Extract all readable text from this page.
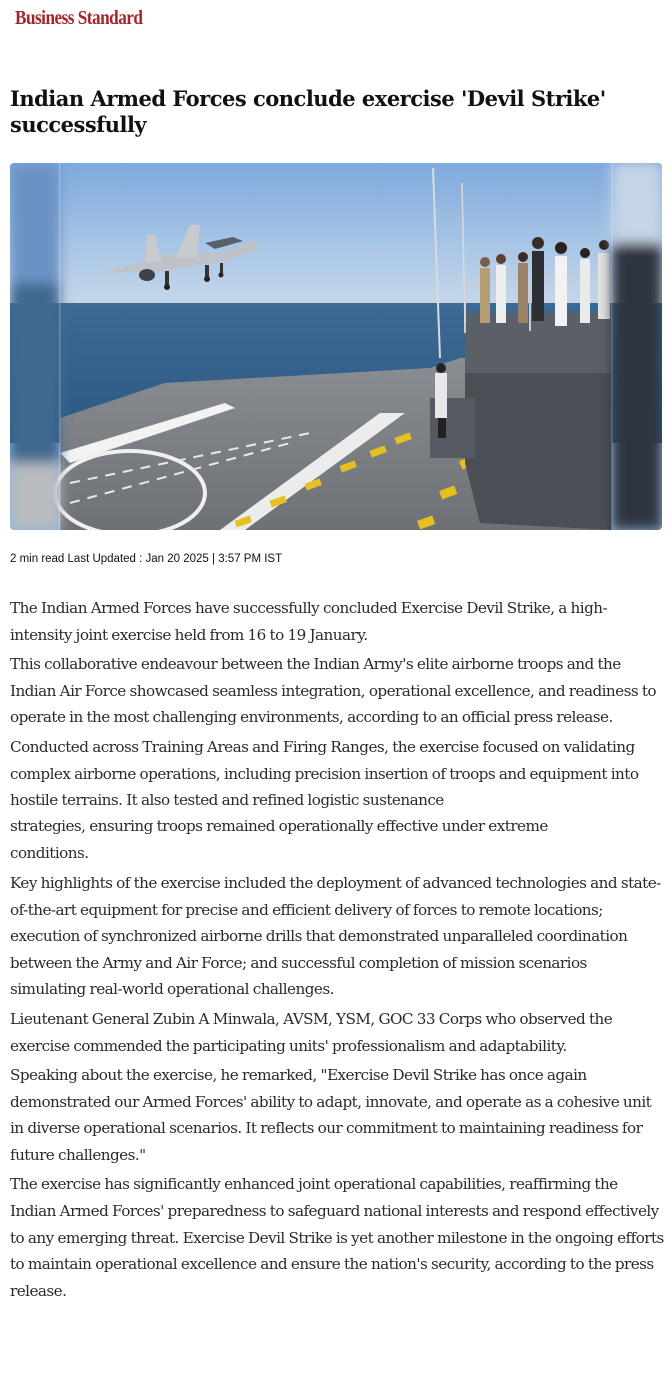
Business Standard
Indian Armed Forces conclude exercise 'Devil Strike' successfully
2 min read Last Updated : Jan 20 2025 | 3:57 PM IST

The Indian Armed Forces have successfully concluded Exercise Devil Strike, a high-intensity joint exercise held from 16 to 19 January.

This collaborative endeavour between the Indian Army's elite airborne troops and the Indian Air Force showcased seamless integration, operational excellence, and readiness to operate in the most challenging environments, according to an official press release.

Conducted across Training Areas and Firing Ranges, the exercise focused on validating complex airborne operations, including precision insertion of troops and equipment into hostile terrains. It also tested and refined logistic sustenance
strategies, ensuring troops remained operationally effective under extreme
conditions.

Key highlights of the exercise included the deployment of advanced technologies and state-of-the-art equipment for precise and efficient delivery of forces to remote locations; execution of synchronized airborne drills that demonstrated unparalleled coordination between the Army and Air Force; and successful completion of mission scenarios simulating real-world operational challenges.

Lieutenant General Zubin A Minwala, AVSM, YSM, GOC 33 Corps who observed the exercise commended the participating units' professionalism and adaptability.

Speaking about the exercise, he remarked, "Exercise Devil Strike has once again demonstrated our Armed Forces' ability to adapt, innovate, and operate as a cohesive unit in diverse operational scenarios. It reflects our commitment to maintaining readiness for future challenges."

The exercise has significantly enhanced joint operational capabilities, reaffirming the Indian Armed Forces' preparedness to safeguard national interests and respond effectively to any emerging threat. Exercise Devil Strike is yet another milestone in the ongoing efforts to maintain operational excellence and ensure the nation's security, according to the press release.
